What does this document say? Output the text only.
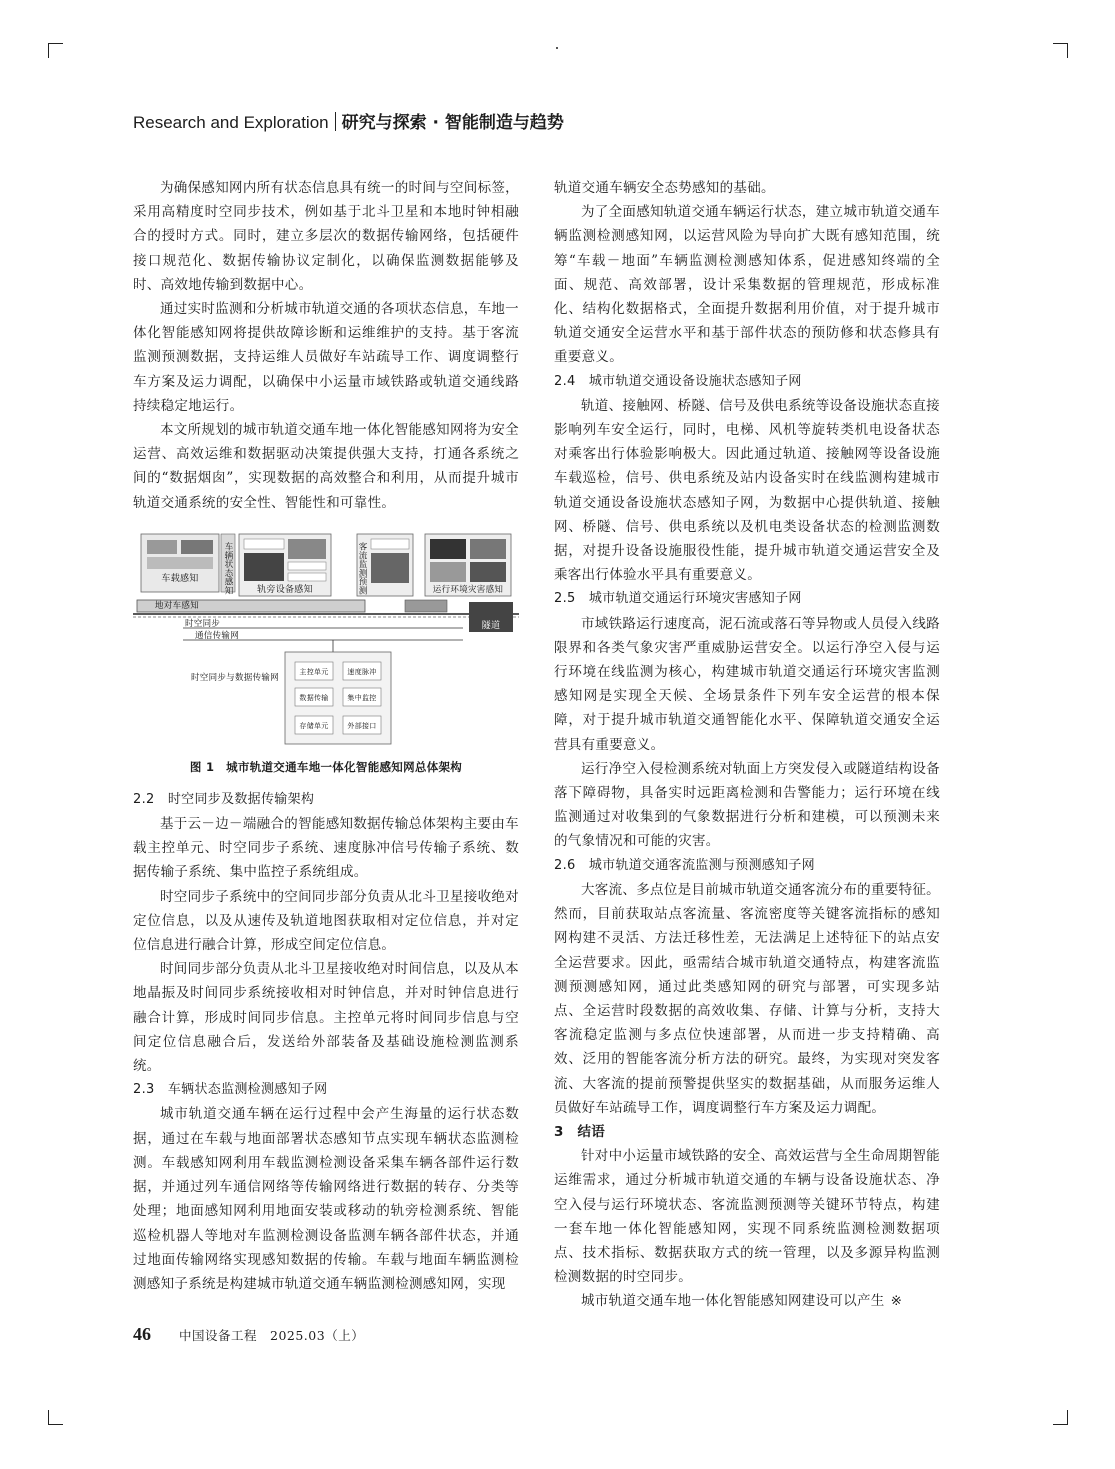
Research and Exploration 研究与探索 · 智能制造与趋势

为确保感知网内所有状态信息具有统一的时间与空间标签，采用高精度时空同步技术，例如基于北斗卫星和本地时钟相融合的授时方式。同时，建立多层次的数据传输网络，包括硬件接口规范化、数据传输协议定制化，以确保监测数据能够及时、高效地传输到数据中心。

通过实时监测和分析城市轨道交通的各项状态信息，车地一体化智能感知网将提供故障诊断和运维维护的支持。基于客流监测预测数据，支持运维人员做好车站疏导工作、调度调整行车方案及运力调配，以确保中小运量市域铁路或轨道交通线路持续稳定地运行。

本文所规划的城市轨道交通车地一体化智能感知网将为安全运营、高效运维和数据驱动决策提供强大支持，打通各系统之间的“数据烟囱”，实现数据的高效整合和利用，从而提升城市轨道交通系统的安全性、智能性和可靠性。

车载感知	车辆状态感知	轨旁设备感知	客流监测预测	运行环境灾害感知
地对车感知
隧道
时空同步
通信传输网
时空同步与数据传输网
主控单元	速度脉冲
数据传输	集中监控
存储单元	外部接口
图 1　城市轨道交通车地一体化智能感知网总体架构
2.2　时空同步及数据传输架构

基于云－边－端融合的智能感知数据传输总体架构主要由车载主控单元、时空同步子系统、速度脉冲信号传输子系统、数据传输子系统、集中监控子系统组成。

时空同步子系统中的空间同步部分负责从北斗卫星接收绝对定位信息，以及从速传及轨道地图获取相对定位信息，并对定位信息进行融合计算，形成空间定位信息。

时间同步部分负责从北斗卫星接收绝对时间信息，以及从本地晶振及时间同步系统接收相对时钟信息，并对时钟信息进行融合计算，形成时间同步信息。主控单元将时间同步信息与空间定位信息融合后，发送给外部装备及基础设施检测监测系统。

2.3　车辆状态监测检测感知子网

城市轨道交通车辆在运行过程中会产生海量的运行状态数据，通过在车载与地面部署状态感知节点实现车辆状态监测检测。车载感知网利用车载监测检测设备采集车辆各部件运行数据，并通过列车通信网络等传输网络进行数据的转存、分类等处理；地面感知网利用地面安装或移动的轨旁检测系统、智能巡检机器人等地对车监测检测设备监测车辆各部件状态，并通过地面传输网络实现感知数据的传输。车载与地面车辆监测检测感知子系统是构建城市轨道交通车辆监测检测感知网，实现

轨道交通车辆安全态势感知的基础。

为了全面感知轨道交通车辆运行状态，建立城市轨道交通车辆监测检测感知网，以运营风险为导向扩大既有感知范围，统筹“车载－地面”车辆监测检测感知体系，促进感知终端的全面、规范、高效部署，设计采集数据的管理规范，形成标准化、结构化数据格式，全面提升数据利用价值，对于提升城市轨道交通安全运营水平和基于部件状态的预防修和状态修具有重要意义。

2.4　城市轨道交通设备设施状态感知子网

轨道、接触网、桥隧、信号及供电系统等设备设施状态直接影响列车安全运行，同时，电梯、风机等旋转类机电设备状态对乘客出行体验影响极大。因此通过轨道、接触网等设备设施车载巡检，信号、供电系统及站内设备实时在线监测构建城市轨道交通设备设施状态感知子网，为数据中心提供轨道、接触网、桥隧、信号、供电系统以及机电类设备状态的检测监测数据，对提升设备设施服役性能，提升城市轨道交通运营安全及乘客出行体验水平具有重要意义。

2.5　城市轨道交通运行环境灾害感知子网

市域铁路运行速度高，泥石流或落石等异物或人员侵入线路限界和各类气象灾害严重威胁运营安全。以运行净空入侵与运行环境在线监测为核心，构建城市轨道交通运行环境灾害监测感知网是实现全天候、全场景条件下列车安全运营的根本保障，对于提升城市轨道交通智能化水平、保障轨道交通安全运营具有重要意义。

运行净空入侵检测系统对轨面上方突发侵入或隧道结构设备落下障碍物，具备实时远距离检测和告警能力；运行环境在线监测通过对收集到的气象数据进行分析和建模，可以预测未来的气象情况和可能的灾害。

2.6　城市轨道交通客流监测与预测感知子网

大客流、多点位是目前城市轨道交通客流分布的重要特征。然而，目前获取站点客流量、客流密度等关键客流指标的感知网构建不灵活、方法迁移性差，无法满足上述特征下的站点安全运营要求。因此，亟需结合城市轨道交通特点，构建客流监测预测感知网，通过此类感知网的研究与部署，可实现多站点、全运营时段数据的高效收集、存储、计算与分析，支持大客流稳定监测与多点位快速部署，从而进一步支持精确、高效、泛用的智能客流分析方法的研究。最终，为实现对突发客流、大客流的提前预警提供坚实的数据基础，从而服务运维人员做好车站疏导工作，调度调整行车方案及运力调配。

3　结语

针对中小运量市域铁路的安全、高效运营与全生命周期智能运维需求，通过分析城市轨道交通的车辆与设备设施状态、净空入侵与运行环境状态、客流监测预测等关键环节特点，构建一套车地一体化智能感知网，实现不同系统监测检测数据项点、技术指标、数据获取方式的统一管理，以及多源异构监测检测数据的时空同步。

城市轨道交通车地一体化智能感知网建设可以产生 ※

46 中国设备工程　2025.03（上）
